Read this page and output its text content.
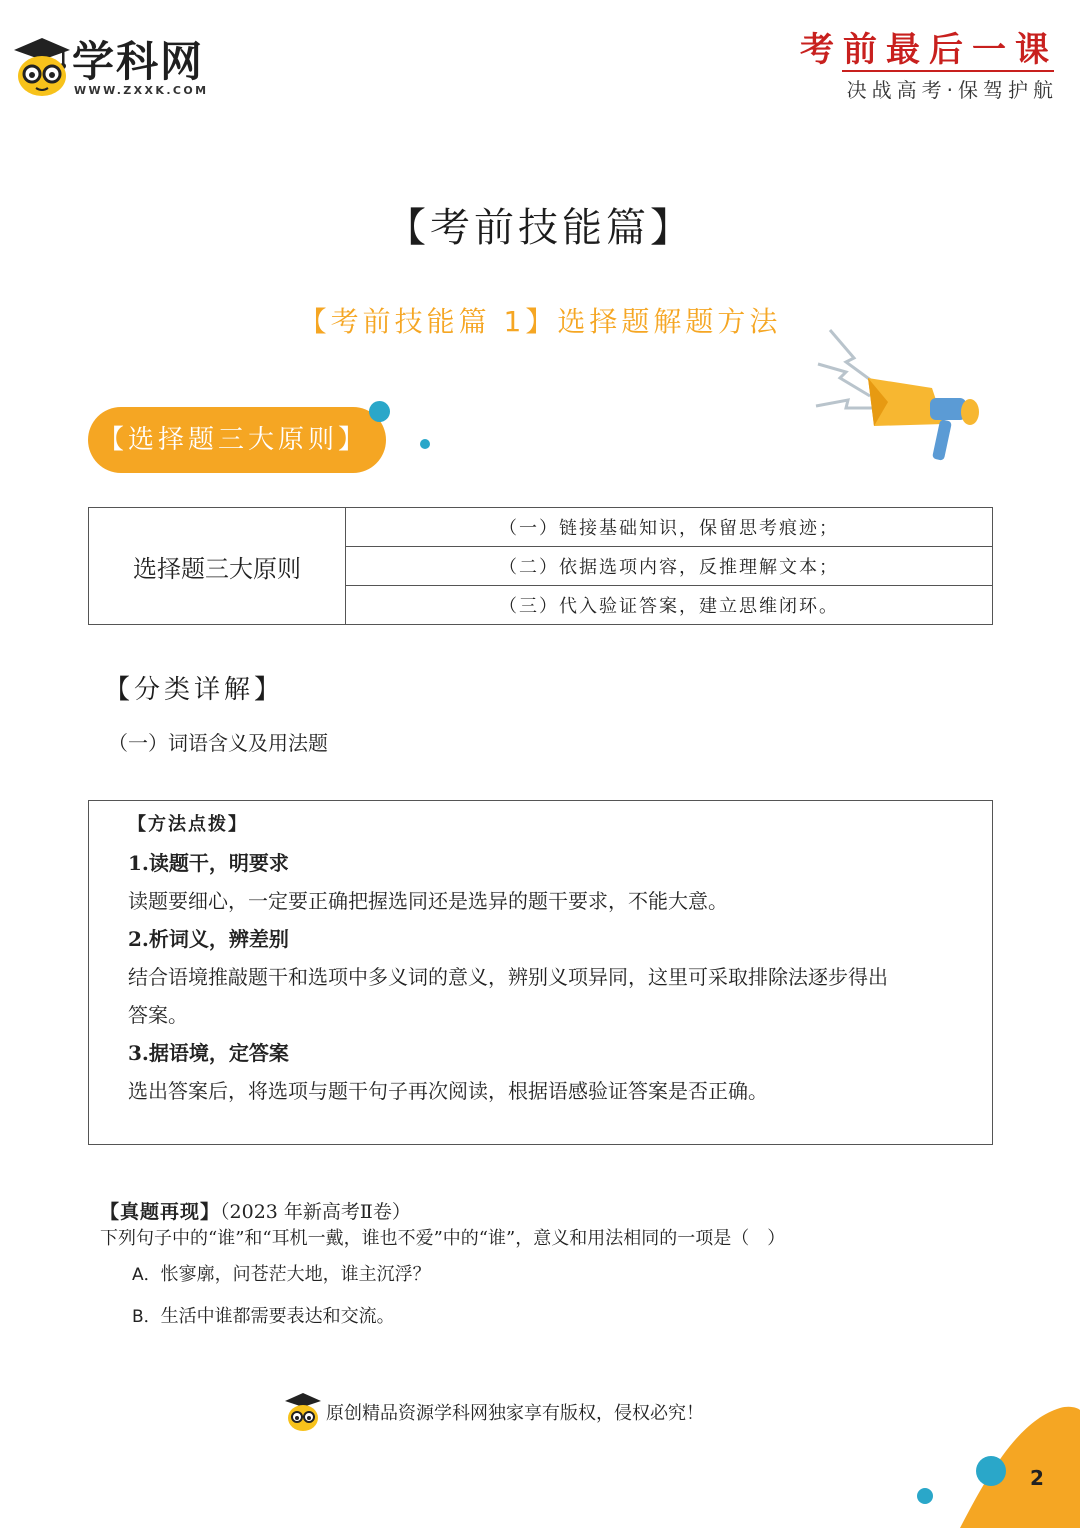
学科网
WWW.ZXXK.COM
考前最后一课
决战高考·保驾护航
【考前技能篇】
【考前技能篇 1】选择题解题方法
【选择题三大原则】
选择题三大原则	（一）链接基础知识，保留思考痕迹；
（二）依据选项内容，反推理解文本；
（三）代入验证答案，建立思维闭环。
【分类详解】
（一）词语含义及用法题
【方法点拨】
1.读题干，明要求
读题要细心，一定要正确把握选同还是选异的题干要求，不能大意。
2.析词义，辨差别
结合语境推敲题干和选项中多义词的意义，辨别义项异同，这里可采取排除法逐步得出
答案。
3.据语境，定答案
选出答案后，将选项与题干句子再次阅读，根据语感验证答案是否正确。
【真题再现】（2023 年新高考Ⅱ卷）
下列句子中的“谁”和“耳机一戴，谁也不爱”中的“谁”，意义和用法相同的一项是（　）
A．怅寥廓，问苍茫大地，谁主沉浮？
B．生活中谁都需要表达和交流。
原创精品资源学科网独家享有版权，侵权必究！
2
